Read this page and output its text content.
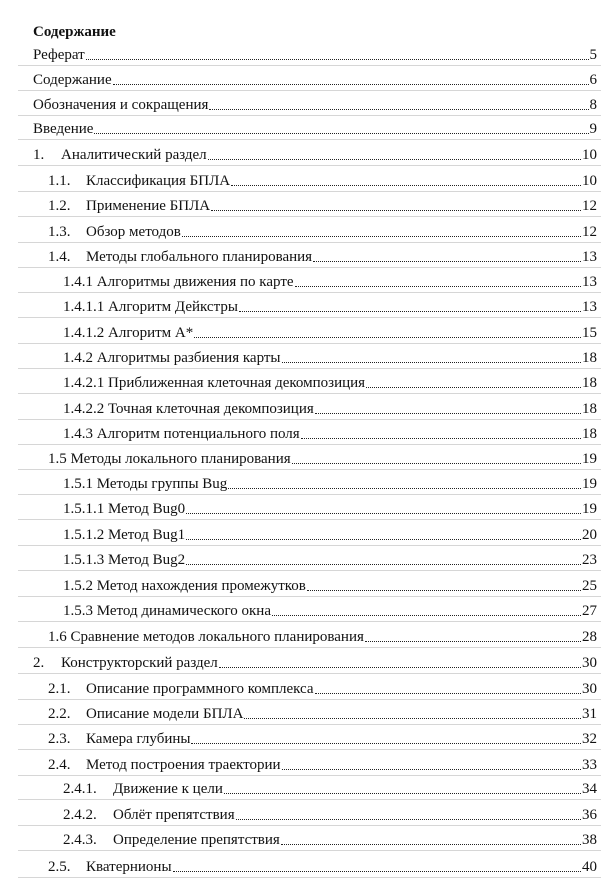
Содержание
Реферат	5
Содержание	6
Обозначения и сокращения	8
Введение	9
1.	Аналитический раздел	10
1.1.	Классификация БПЛА	10
1.2.	Применение БПЛА	12
1.3.	Обзор методов	12
1.4.	Методы глобального планирования	13
1.4.1 Алгоритмы движения по карте	13
1.4.1.1 Алгоритм Дейкстры	13
1.4.1.2 Алгоритм А*	15
1.4.2 Алгоритмы разбиения карты	18
1.4.2.1 Приближенная клеточная декомпозиция	18
1.4.2.2 Точная клеточная декомпозиция	18
1.4.3 Алгоритм потенциального поля	18
1.5 Методы локального планирования	19
1.5.1 Методы группы Bug	19
1.5.1.1 Метод Bug0	19
1.5.1.2 Метод Bug1	20
1.5.1.3 Метод Bug2	23
1.5.2 Метод нахождения промежутков	25
1.5.3 Метод динамического окна	27
1.6 Сравнение методов локального планирования	28
2.	Конструкторский раздел	30
2.1.	Описание программного комплекса	30
2.2.	Описание модели БПЛА	31
2.3.	Камера глубины	32
2.4.	Метод построения траектории	33
2.4.1.	Движение к цели	34
2.4.2.	Облёт препятствия	36
2.4.3.	Определение препятствия	38
2.5.	Кватернионы	40
